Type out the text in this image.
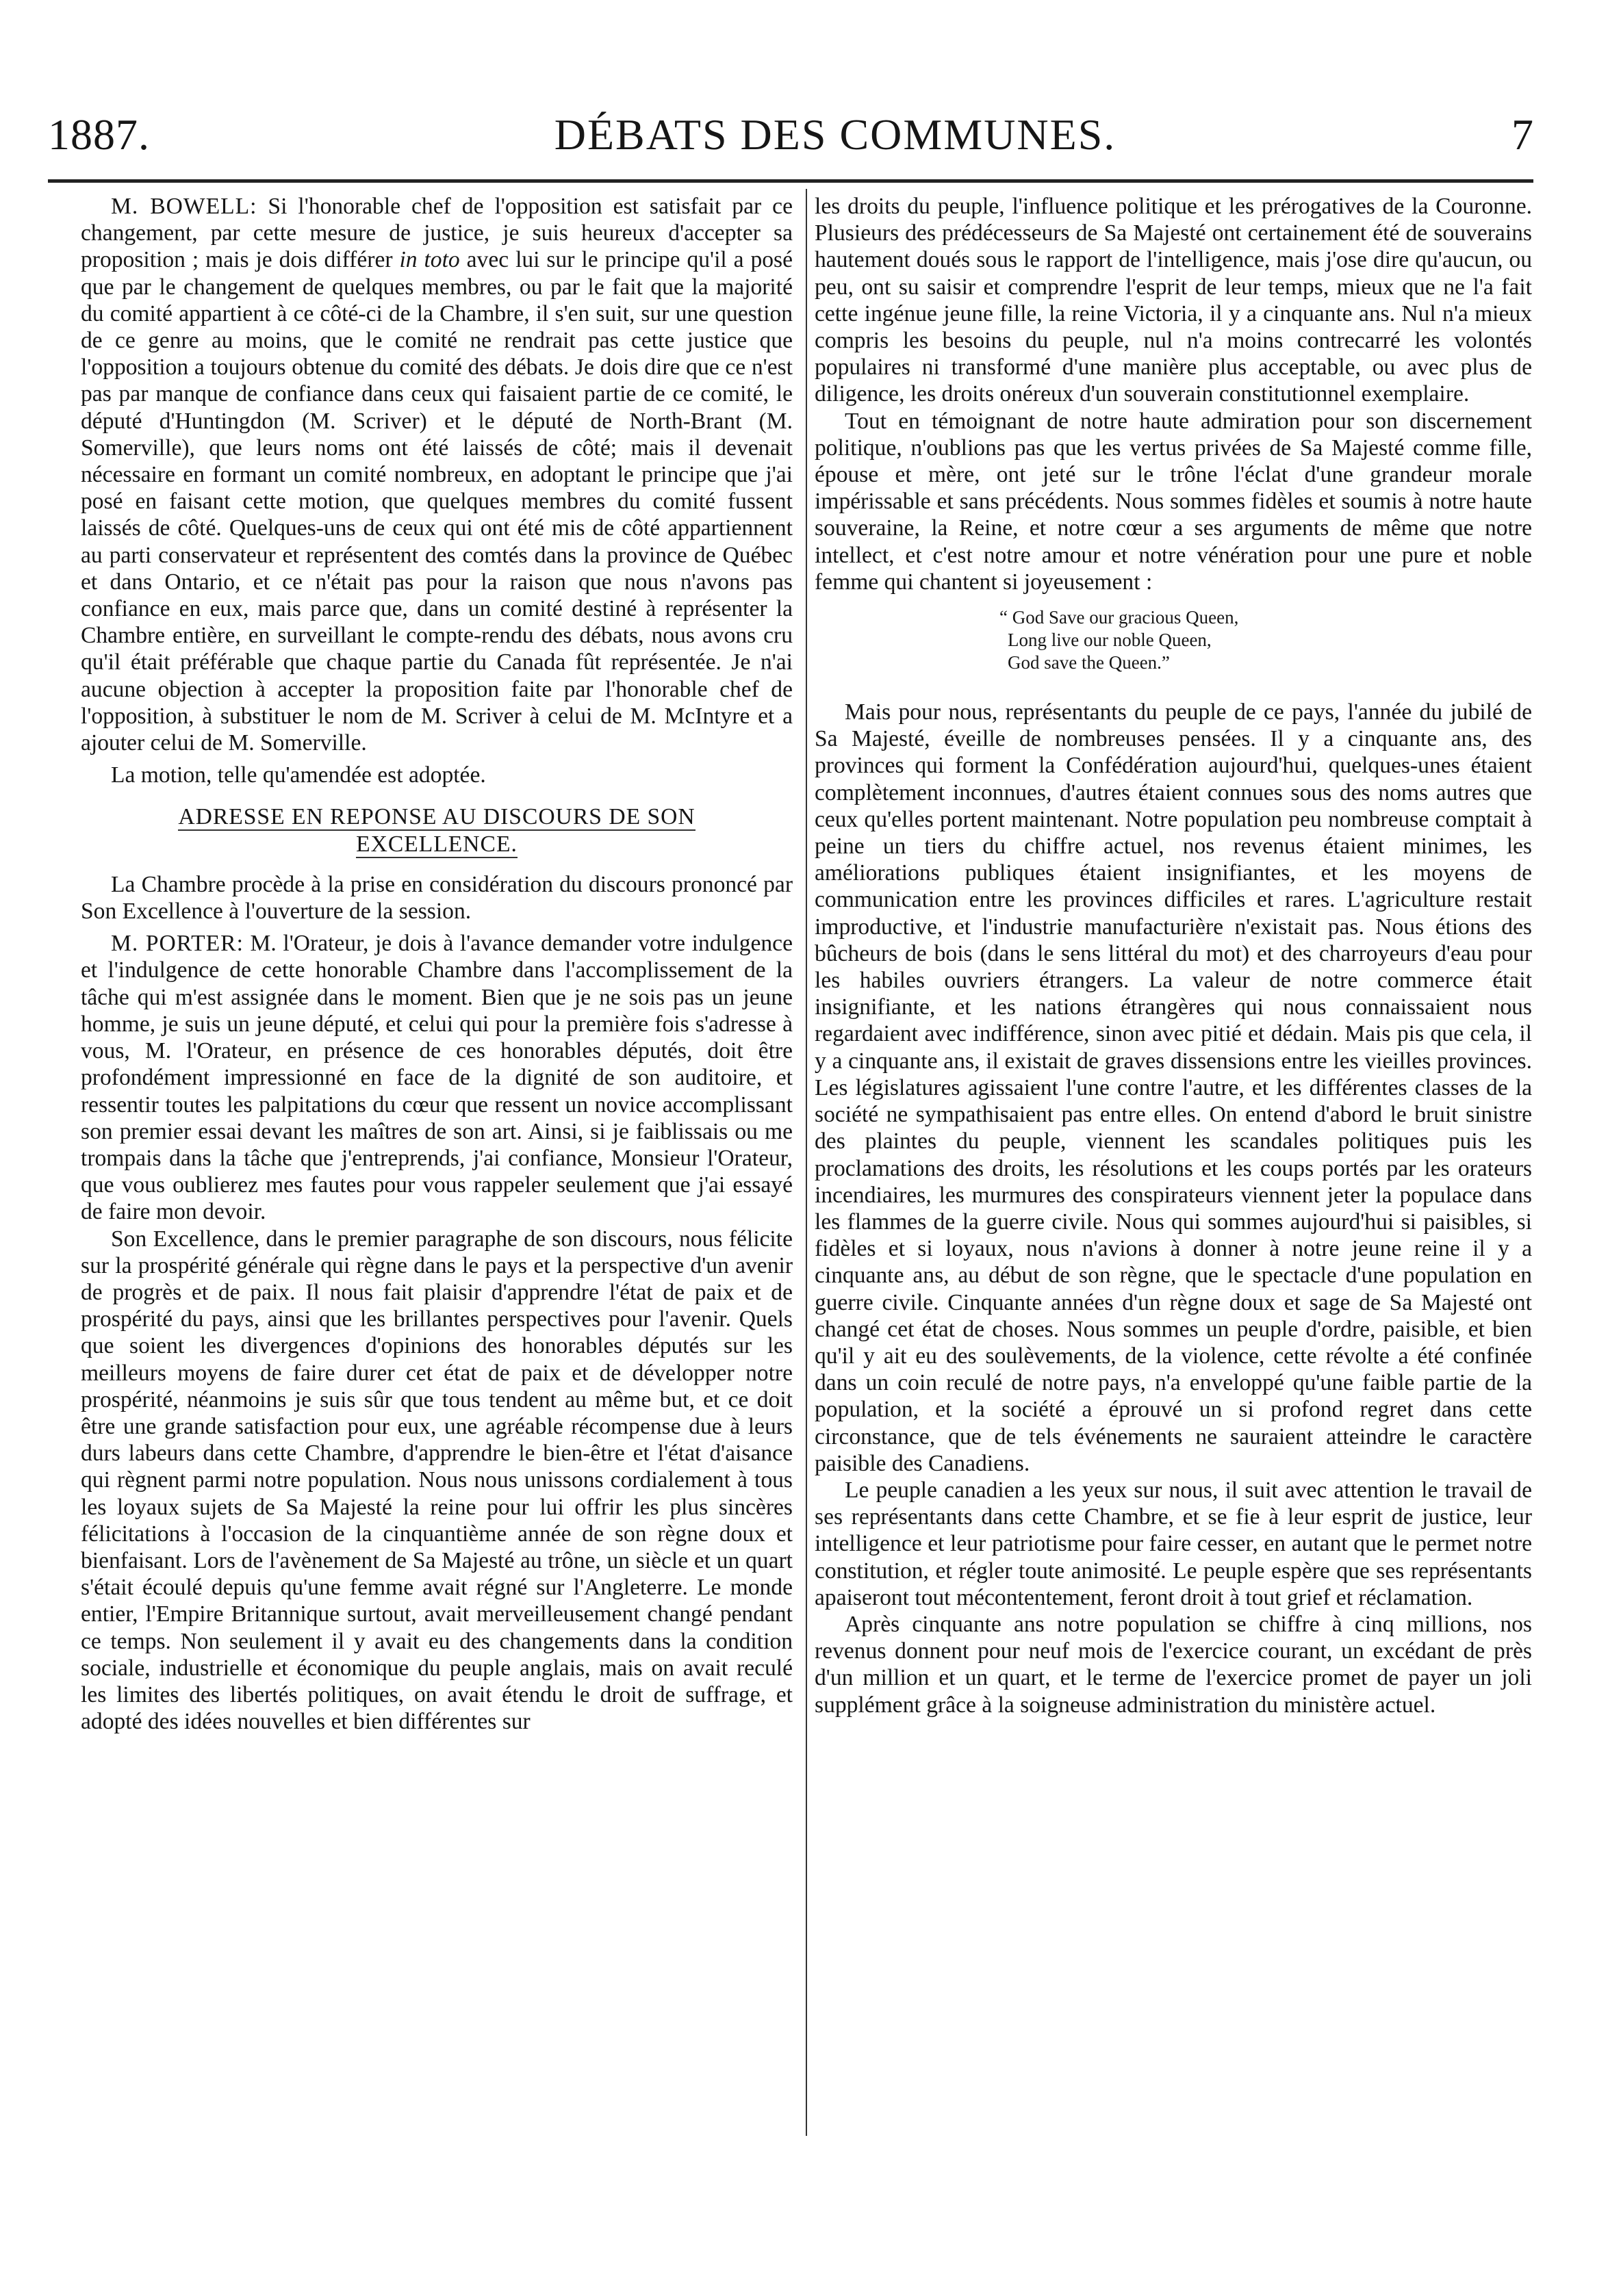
1887.	DÉBATS DES COMMUNES.	7

M. BOWELL: Si l'honorable chef de l'opposition est satisfait par ce changement, par cette mesure de justice, je suis heureux d'accepter sa proposition ; mais je dois différer in toto avec lui sur le principe qu'il a posé que par le changement de quelques membres, ou par le fait que la majorité du comité appartient à ce côté-ci de la Chambre, il s'en suit, sur une question de ce genre au moins, que le comité ne rendrait pas cette justice que l'opposition a toujours obtenue du comité des débats. Je dois dire que ce n'est pas par manque de confiance dans ceux qui faisaient partie de ce comité, le député d'Huntingdon (M. Scriver) et le député de North-Brant (M. Somerville), que leurs noms ont été laissés de côté; mais il devenait nécessaire en formant un comité nombreux, en adoptant le principe que j'ai posé en faisant cette motion, que quelques membres du comité fussent laissés de côté. Quelques-uns de ceux qui ont été mis de côté appartiennent au parti conservateur et représentent des comtés dans la province de Québec et dans Ontario, et ce n'était pas pour la raison que nous n'avons pas confiance en eux, mais parce que, dans un comité destiné à représenter la Chambre entière, en surveillant le compte-rendu des débats, nous avons cru qu'il était préférable que chaque partie du Canada fût représentée. Je n'ai aucune objection à accepter la proposition faite par l'honorable chef de l'opposition, à substituer le nom de M. Scriver à celui de M. McIntyre et a ajouter celui de M. Somerville.

La motion, telle qu'amendée est adoptée.

ADRESSE EN REPONSE AU DISCOURS DE SON
EXCELLENCE.

La Chambre procède à la prise en considération du discours prononcé par Son Excellence à l'ouverture de la session.

M. PORTER: M. l'Orateur, je dois à l'avance demander votre indulgence et l'indulgence de cette honorable Chambre dans l'accomplissement de la tâche qui m'est assignée dans le moment. Bien que je ne sois pas un jeune homme, je suis un jeune député, et celui qui pour la première fois s'adresse à vous, M. l'Orateur, en présence de ces honorables députés, doit être profondément impressionné en face de la dignité de son auditoire, et ressentir toutes les palpitations du cœur que ressent un novice accomplissant son premier essai devant les maîtres de son art. Ainsi, si je faiblissais ou me trompais dans la tâche que j'entreprends, j'ai confiance, Monsieur l'Orateur, que vous oublierez mes fautes pour vous rappeler seulement que j'ai essayé de faire mon devoir.

Son Excellence, dans le premier paragraphe de son discours, nous félicite sur la prospérité générale qui règne dans le pays et la perspective d'un avenir de progrès et de paix. Il nous fait plaisir d'apprendre l'état de paix et de prospérité du pays, ainsi que les brillantes perspectives pour l'avenir. Quels que soient les divergences d'opinions des honorables députés sur les meilleurs moyens de faire durer cet état de paix et de développer notre prospérité, néanmoins je suis sûr que tous tendent au même but, et ce doit être une grande satisfaction pour eux, une agréable récompense due à leurs durs labeurs dans cette Chambre, d'apprendre le bien-être et l'état d'aisance qui règnent parmi notre population. Nous nous unissons cordialement à tous les loyaux sujets de Sa Majesté la reine pour lui offrir les plus sincères félicitations à l'occasion de la cinquantième année de son règne doux et bienfaisant. Lors de l'avènement de Sa Majesté au trône, un siècle et un quart s'était écoulé depuis qu'une femme avait régné sur l'Angleterre. Le monde entier, l'Empire Britannique surtout, avait merveilleusement changé pendant ce temps. Non seulement il y avait eu des changements dans la condition sociale, industrielle et économique du peuple anglais, mais on avait reculé les limites des libertés politiques, on avait étendu le droit de suffrage, et adopté des idées nouvelles et bien différentes sur

les droits du peuple, l'influence politique et les prérogatives de la Couronne. Plusieurs des prédécesseurs de Sa Majesté ont certainement été de souverains hautement doués sous le rapport de l'intelligence, mais j'ose dire qu'aucun, ou peu, ont su saisir et comprendre l'esprit de leur temps, mieux que ne l'a fait cette ingénue jeune fille, la reine Victoria, il y a cinquante ans. Nul n'a mieux compris les besoins du peuple, nul n'a moins contrecarré les volontés populaires ni transformé d'une manière plus acceptable, ou avec plus de diligence, les droits onéreux d'un souverain constitutionnel exemplaire.

Tout en témoignant de notre haute admiration pour son discernement politique, n'oublions pas que les vertus privées de Sa Majesté comme fille, épouse et mère, ont jeté sur le trône l'éclat d'une grandeur morale impérissable et sans précédents. Nous sommes fidèles et soumis à notre haute souveraine, la Reine, et notre cœur a ses arguments de même que notre intellect, et c'est notre amour et notre vénération pour une pure et noble femme qui chantent si joyeusement :

“ God Save our gracious Queen,
Long live our noble Queen,
God save the Queen.”

Mais pour nous, représentants du peuple de ce pays, l'année du jubilé de Sa Majesté, éveille de nombreuses pensées. Il y a cinquante ans, des provinces qui forment la Confédération aujourd'hui, quelques-unes étaient complètement inconnues, d'autres étaient connues sous des noms autres que ceux qu'elles portent maintenant. Notre population peu nombreuse comptait à peine un tiers du chiffre actuel, nos revenus étaient minimes, les améliorations publiques étaient insignifiantes, et les moyens de communication entre les provinces difficiles et rares. L'agriculture restait improductive, et l'industrie manufacturière n'existait pas. Nous étions des bûcheurs de bois (dans le sens littéral du mot) et des charroyeurs d'eau pour les habiles ouvriers étrangers. La valeur de notre commerce était insignifiante, et les nations étrangères qui nous connaissaient nous regardaient avec indifférence, sinon avec pitié et dédain. Mais pis que cela, il y a cinquante ans, il existait de graves dissensions entre les vieilles provinces. Les législatures agissaient l'une contre l'autre, et les différentes classes de la société ne sympathisaient pas entre elles. On entend d'abord le bruit sinistre des plaintes du peuple, viennent les scandales politiques puis les proclamations des droits, les résolutions et les coups portés par les orateurs incendiaires, les murmures des conspirateurs viennent jeter la populace dans les flammes de la guerre civile. Nous qui sommes aujourd'hui si paisibles, si fidèles et si loyaux, nous n'avions à donner à notre jeune reine il y a cinquante ans, au début de son règne, que le spectacle d'une population en guerre civile. Cinquante années d'un règne doux et sage de Sa Majesté ont changé cet état de choses. Nous sommes un peuple d'ordre, paisible, et bien qu'il y ait eu des soulèvements, de la violence, cette révolte a été confinée dans un coin reculé de notre pays, n'a enveloppé qu'une faible partie de la population, et la société a éprouvé un si profond regret dans cette circonstance, que de tels événements ne sauraient atteindre le caractère paisible des Canadiens.

Le peuple canadien a les yeux sur nous, il suit avec attention le travail de ses représentants dans cette Chambre, et se fie à leur esprit de justice, leur intelligence et leur patriotisme pour faire cesser, en autant que le permet notre constitution, et régler toute animosité. Le peuple espère que ses représentants apaiseront tout mécontentement, feront droit à tout grief et réclamation.

Après cinquante ans notre population se chiffre à cinq millions, nos revenus donnent pour neuf mois de l'exercice courant, un excédant de près d'un million et un quart, et le terme de l'exercice promet de payer un joli supplément grâce à la soigneuse administration du ministère actuel.
